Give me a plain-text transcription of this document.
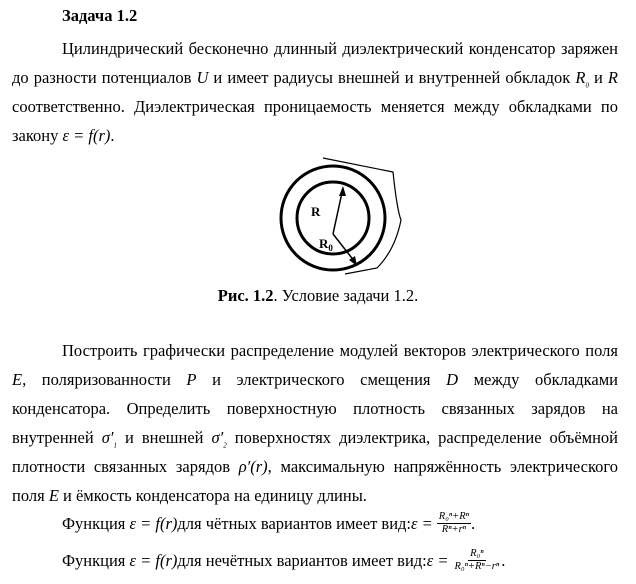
Задача 1.2

Цилиндрический бесконечно длинный диэлектрический конденсатор заряжен до разности потенциалов U и имеет радиусы внешней и внутренней обкладок $R_0$ и R соответственно. Диэлектрическая проницаемость меняется между обкладками по закону ε = f(r).

R
$R_0$
Рис. 1.2. Условие задачи 1.2.

Построить графически распределение модулей векторов электрического поля E, поляризованности P и электрического смещения D между обкладками конденсатора. Определить поверхностную плотность связанных зарядов на внутренней $\sigma'_1$ и внешней $\sigma'_2$ поверхностях диэлектрика, распределение объёмной плотности связанных зарядов ρ′(r), максимальную напряжённость электрического поля E и ёмкость конденсатора на единицу длины.

Функция
ε = f(r) для чётных вариантов имеет вид: $\varepsilon = \frac{\text{R₀ⁿ+Rⁿ}}{\text{Rⁿ+rⁿ}}$ .
Функция
ε = f(r) для нечётных вариантов имеет вид: $\varepsilon = \frac{\text{R₀ⁿ}}{\text{R₀ⁿ+Rⁿ−rⁿ}}$ .
